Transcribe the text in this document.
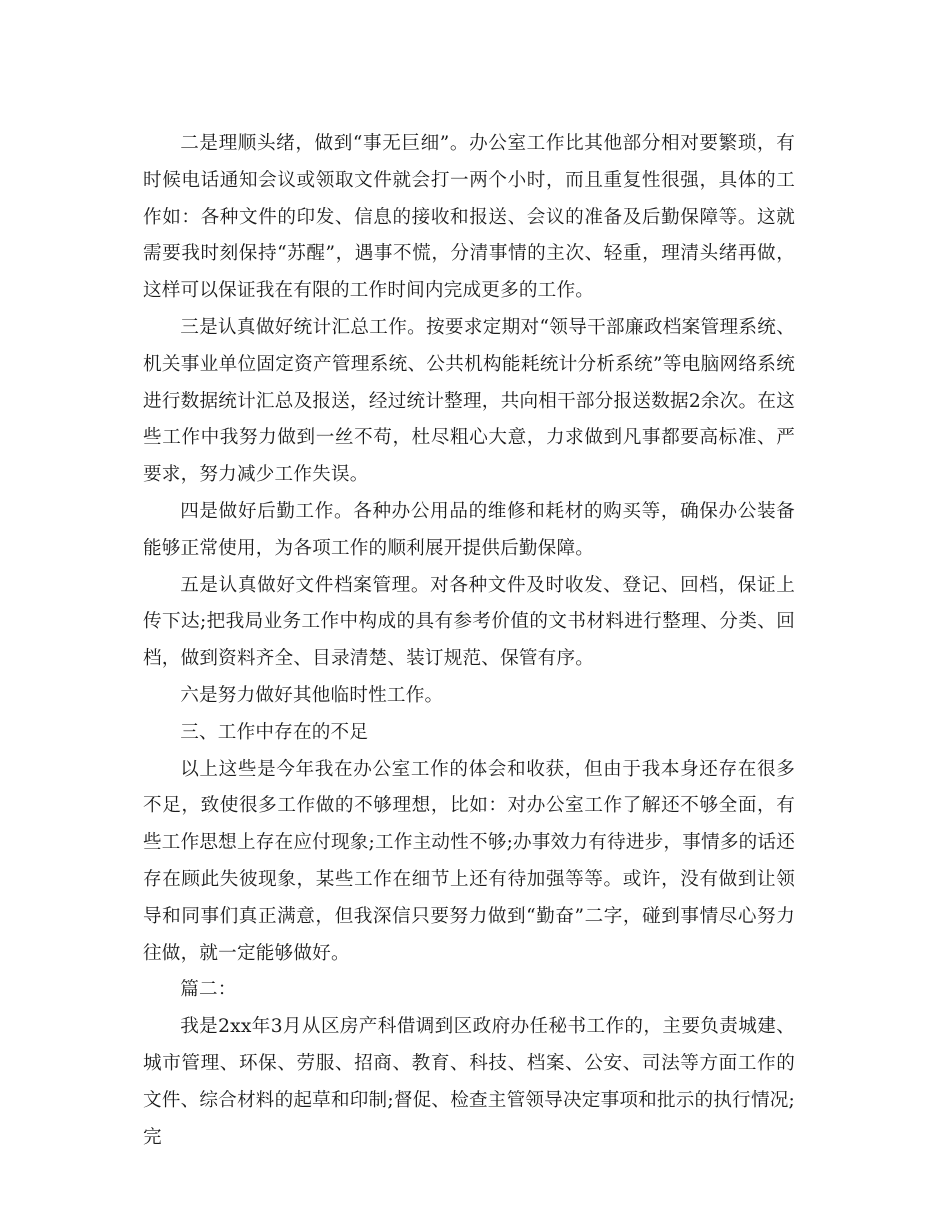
二是理顺头绪，做到“事无巨细”。办公室工作比其他部分相对要繁琐，有时候电话通知会议或领取文件就会打一两个小时，而且重复性很强，具体的工作如：各种文件的印发、信息的接收和报送、会议的准备及后勤保障等。这就需要我时刻保持“苏醒”，遇事不慌，分清事情的主次、轻重，理清头绪再做，这样可以保证我在有限的工作时间内完成更多的工作。

三是认真做好统计汇总工作。按要求定期对“领导干部廉政档案管理系统、机关事业单位固定资产管理系统、公共机构能耗统计分析系统”等电脑网络系统进行数据统计汇总及报送，经过统计整理，共向相干部分报送数据2余次。在这些工作中我努力做到一丝不苟，杜尽粗心大意，力求做到凡事都要高标准、严要求，努力减少工作失误。

四是做好后勤工作。各种办公用品的维修和耗材的购买等，确保办公装备能够正常使用，为各项工作的顺利展开提供后勤保障。

五是认真做好文件档案管理。对各种文件及时收发、登记、回档，保证上传下达;把我局业务工作中构成的具有参考价值的文书材料进行整理、分类、回档，做到资料齐全、目录清楚、装订规范、保管有序。

六是努力做好其他临时性工作。

三、工作中存在的不足

以上这些是今年我在办公室工作的体会和收获，但由于我本身还存在很多不足，致使很多工作做的不够理想，比如：对办公室工作了解还不够全面，有些工作思想上存在应付现象;工作主动性不够;办事效力有待进步，事情多的话还存在顾此失彼现象，某些工作在细节上还有待加强等等。或许，没有做到让领导和同事们真正满意，但我深信只要努力做到“勤奋”二字，碰到事情尽心努力往做，就一定能够做好。

篇二：

我是2xx年3月从区房产科借调到区政府办任秘书工作的，主要负责城建、城市管理、环保、劳服、招商、教育、科技、档案、公安、司法等方面工作的文件、综合材料的起草和印制;督促、检查主管领导决定事项和批示的执行情况;完
